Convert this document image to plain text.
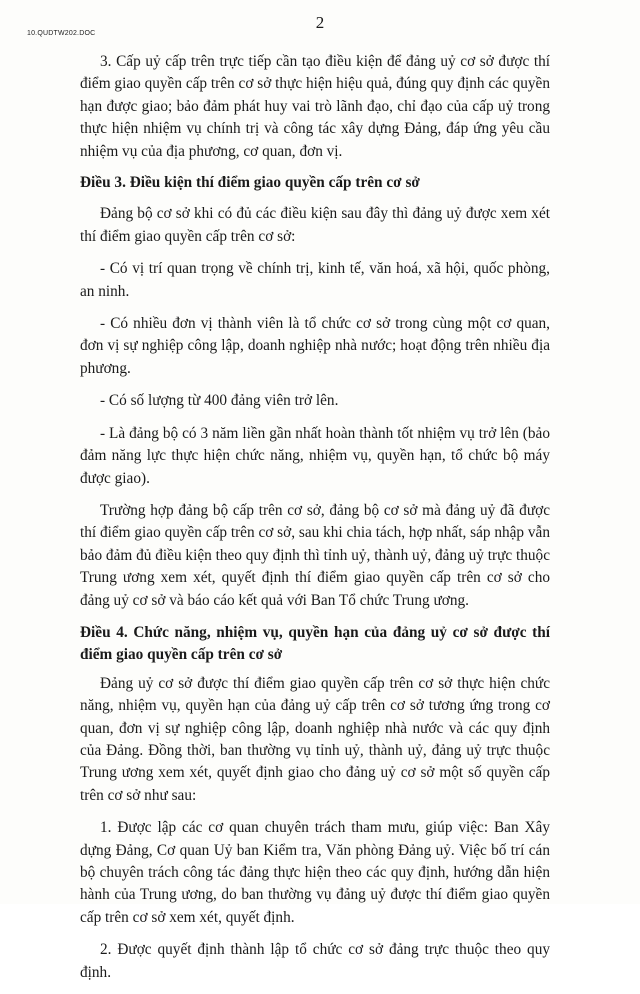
10.QUDTW202.DOC
2

3. Cấp uỷ cấp trên trực tiếp cần tạo điều kiện để đảng uỷ cơ sở được thí điểm giao quyền cấp trên cơ sở thực hiện hiệu quả, đúng quy định các quyền hạn được giao; bảo đảm phát huy vai trò lãnh đạo, chỉ đạo của cấp uỷ trong thực hiện nhiệm vụ chính trị và công tác xây dựng Đảng, đáp ứng yêu cầu nhiệm vụ của địa phương, cơ quan, đơn vị.

Điều 3. Điều kiện thí điểm giao quyền cấp trên cơ sở

Đảng bộ cơ sở khi có đủ các điều kiện sau đây thì đảng uỷ được xem xét thí điểm giao quyền cấp trên cơ sở:

- Có vị trí quan trọng về chính trị, kinh tế, văn hoá, xã hội, quốc phòng, an ninh.

- Có nhiều đơn vị thành viên là tổ chức cơ sở trong cùng một cơ quan, đơn vị sự nghiệp công lập, doanh nghiệp nhà nước; hoạt động trên nhiều địa phương.

- Có số lượng từ 400 đảng viên trở lên.

- Là đảng bộ có 3 năm liền gần nhất hoàn thành tốt nhiệm vụ trở lên (bảo đảm năng lực thực hiện chức năng, nhiệm vụ, quyền hạn, tổ chức bộ máy được giao).

Trường hợp đảng bộ cấp trên cơ sở, đảng bộ cơ sở mà đảng uỷ đã được thí điểm giao quyền cấp trên cơ sở, sau khi chia tách, hợp nhất, sáp nhập vẫn bảo đảm đủ điều kiện theo quy định thì tỉnh uỷ, thành uỷ, đảng uỷ trực thuộc Trung ương xem xét, quyết định thí điểm giao quyền cấp trên cơ sở cho đảng uỷ cơ sở và báo cáo kết quả với Ban Tổ chức Trung ương.

Điều 4. Chức năng, nhiệm vụ, quyền hạn của đảng uỷ cơ sở được thí điểm giao quyền cấp trên cơ sở

Đảng uỷ cơ sở được thí điểm giao quyền cấp trên cơ sở thực hiện chức năng, nhiệm vụ, quyền hạn của đảng uỷ cấp trên cơ sở tương ứng trong cơ quan, đơn vị sự nghiệp công lập, doanh nghiệp nhà nước và các quy định của Đảng. Đồng thời, ban thường vụ tỉnh uỷ, thành uỷ, đảng uỷ trực thuộc Trung ương xem xét, quyết định giao cho đảng uỷ cơ sở một số quyền cấp trên cơ sở như sau:

1. Được lập các cơ quan chuyên trách tham mưu, giúp việc: Ban Xây dựng Đảng, Cơ quan Uỷ ban Kiểm tra, Văn phòng Đảng uỷ. Việc bố trí cán bộ chuyên trách công tác đảng thực hiện theo các quy định, hướng dẫn hiện hành của Trung ương, do ban thường vụ đảng uỷ được thí điểm giao quyền cấp trên cơ sở xem xét, quyết định.

2. Được quyết định thành lập tổ chức cơ sở đảng trực thuộc theo quy định.
